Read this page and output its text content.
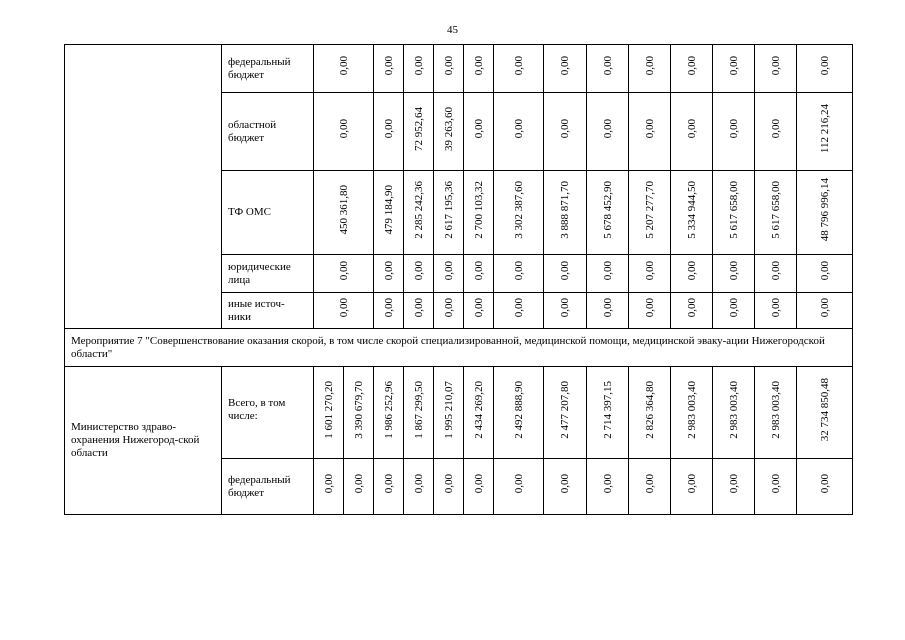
45
	федеральный бюджет	0,00		0,00	0,00	0,00	0,00	0,00	0,00	0,00	0,00	0,00	0,00	0,00	0,00
	областной бюджет	0,00		0,00	72 952,64	39 263,60	0,00	0,00	0,00	0,00	0,00	0,00	0,00	0,00	112 216,24
	ТФ ОМС	450 361,80		479 184,90	2 285 242,36	2 617 195,36	2 700 103,32	3 302 387,60	3 888 871,70	5 678 452,90	5 207 277,70	5 334 944,50	5 617 658,00	5 617 658,00	48 796 996,14
	юридические лица	0,00		0,00	0,00	0,00	0,00	0,00	0,00	0,00	0,00	0,00	0,00	0,00	0,00
	иные источ-ники	0,00		0,00	0,00	0,00	0,00	0,00	0,00	0,00	0,00	0,00	0,00	0,00	0,00
Мероприятие 7 "Совершенствование оказания скорой, в том числе скорой специализированной, медицинской помощи, медицинской эваку-ации Нижегородской области"															
Министерство здраво-охранения Нижегород-ской области	Всего, в том числе:	1 601 270,20	3 390 679,70	1 986 252,96	1 867 299,50	1 995 210,07	2 434 269,20	2 492 888,90	2 477 207,80	2 714 397,15	2 826 364,80	2 983 003,40	2 983 003,40	2 983 003,40	32 734 850,48
	федеральный бюджет	0,00	0,00	0,00	0,00	0,00	0,00	0,00	0,00	0,00	0,00	0,00	0,00	0,00	0,00
